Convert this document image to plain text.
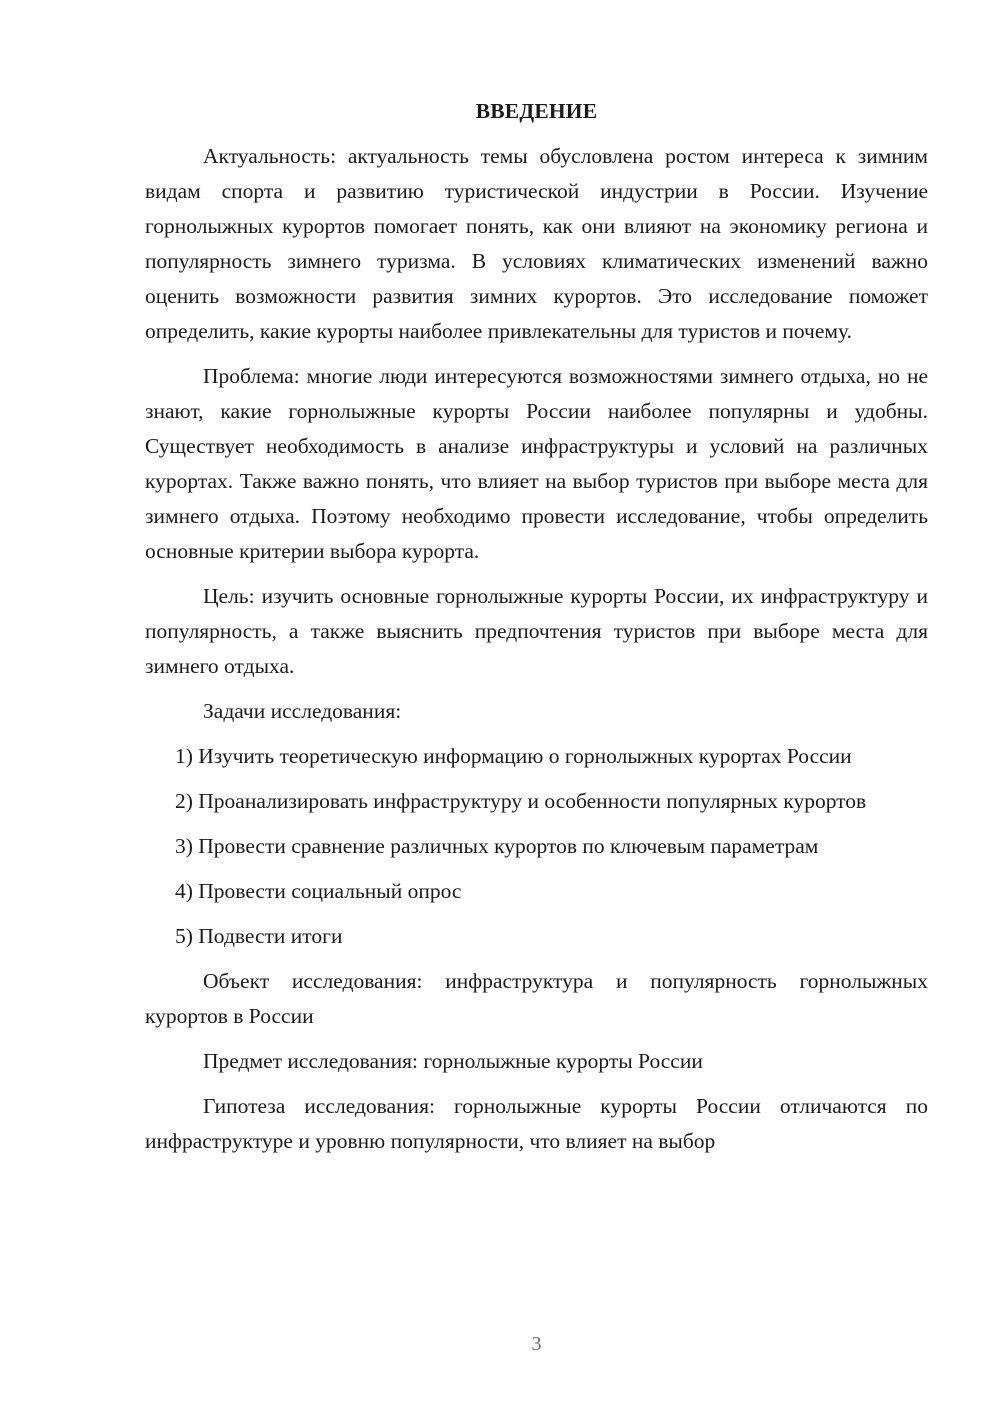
ВВЕДЕНИЕ

Актуальность: актуальность темы обусловлена ростом интереса к зимним видам спорта и развитию туристической индустрии в России. Изучение горнолыжных курортов помогает понять, как они влияют на экономику региона и популярность зимнего туризма. В условиях климатических изменений важно оценить возможности развития зимних курортов. Это исследование поможет определить, какие курорты наиболее привлекательны для туристов и почему.

Проблема: многие люди интересуются возможностями зимнего отдыха, но не знают, какие горнолыжные курорты России наиболее популярны и удобны. Существует необходимость в анализе инфраструктуры и условий на различных курортах. Также важно понять, что влияет на выбор туристов при выборе места для зимнего отдыха. Поэтому необходимо провести исследование, чтобы определить основные критерии выбора курорта.

Цель: изучить основные горнолыжные курорты России, их инфраструктуру и популярность, а также выяснить предпочтения туристов при выборе места для зимнего отдыха.

Задачи исследования:

1) Изучить теоретическую информацию о горнолыжных курортах России

2) Проанализировать инфраструктуру и особенности популярных курортов

3) Провести сравнение различных курортов по ключевым параметрам

4) Провести социальный опрос

5) Подвести итоги

Объект исследования: инфраструктура и популярность горнолыжных курортов в России

Предмет исследования: горнолыжные курорты России

Гипотеза исследования: горнолыжные курорты России отличаются по инфраструктуре и уровню популярности, что влияет на выбор

3
